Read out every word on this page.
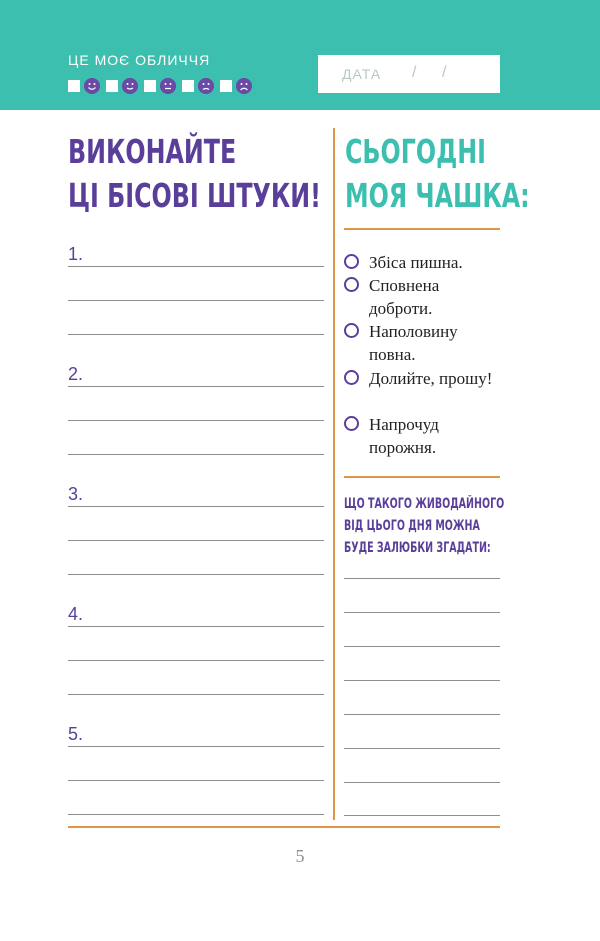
ЦЕ МОЄ ОБЛИЧЧЯ
ДАТА / /
ВИКОНАЙТЕ
ЦІ БІСОВІ ШТУКИ!
1.
2.
3.
4.
5.
СЬОГОДНІ
МОЯ ЧАШКА:
Збіса пишна.
Сповнена доброти.
Наполовину повна.
Долийте, прошу!
Напрочуд порожня.
ЩО ТАКОГО ЖИВОДАЙНОГО
ВІД ЦЬОГО ДНЯ МОЖНА
БУДЕ ЗАЛЮБКИ ЗГАДАТИ:
5
